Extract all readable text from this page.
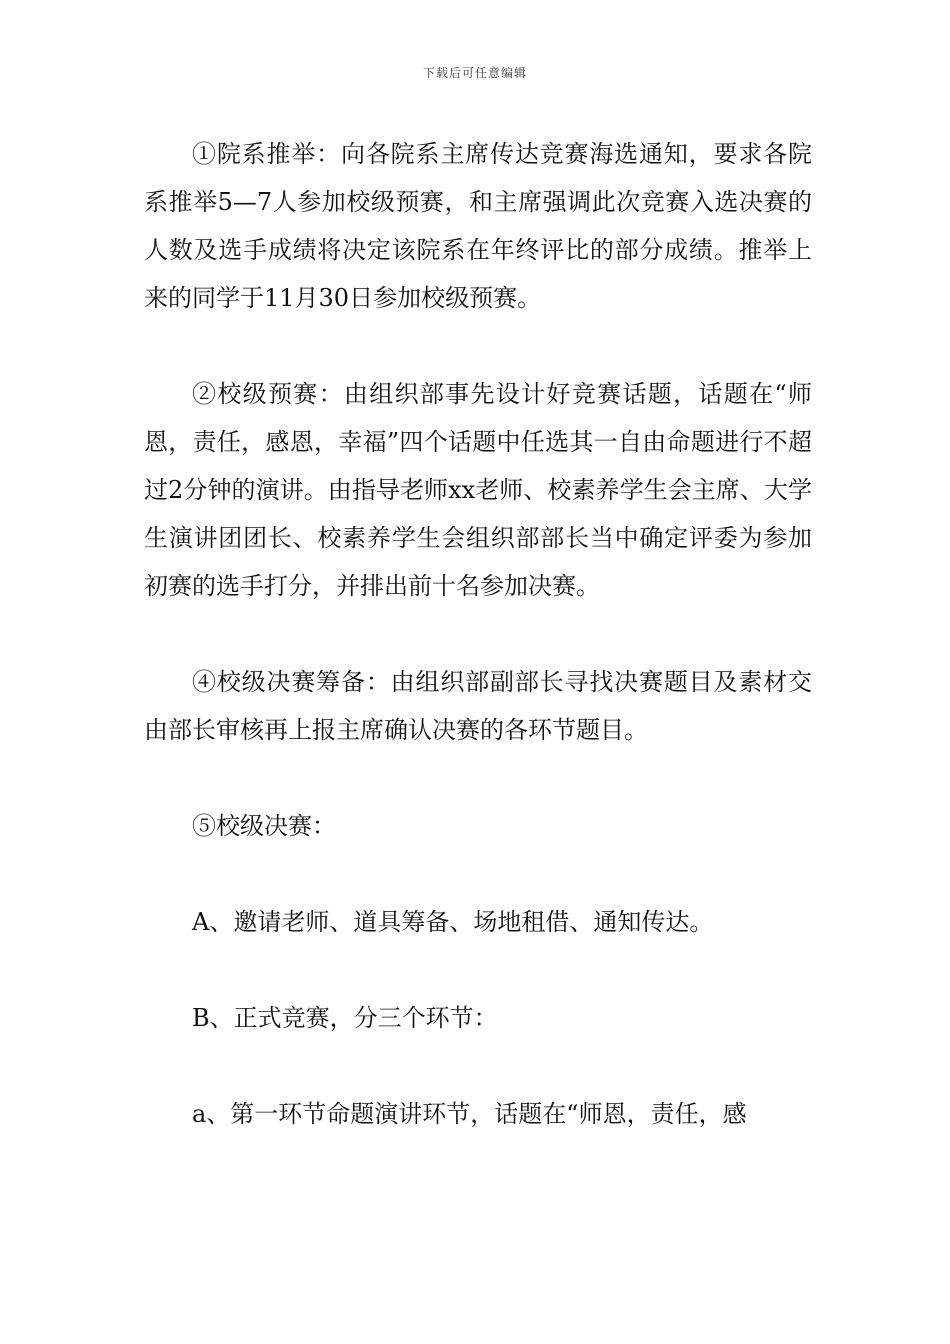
下载后可任意编辑

①院系推举：向各院系主席传达竞赛海选通知，要求各院系推举5—7人参加校级预赛，和主席强调此次竞赛入选决赛的人数及选手成绩将决定该院系在年终评比的部分成绩。推举上来的同学于11月30日参加校级预赛。

②校级预赛：由组织部事先设计好竞赛话题，话题在“师恩，责任，感恩，幸福”四个话题中任选其一自由命题进行不超过2分钟的演讲。由指导老师xx老师、校素养学生会主席、大学生演讲团团长、校素养学生会组织部部长当中确定评委为参加初赛的选手打分，并排出前十名参加决赛。

④校级决赛筹备：由组织部副部长寻找决赛题目及素材交由部长审核再上报主席确认决赛的各环节题目。

⑤校级决赛：

A、邀请老师、道具筹备、场地租借、通知传达。

B、正式竞赛，分三个环节：

a、第一环节命题演讲环节，话题在“师恩，责任，感
